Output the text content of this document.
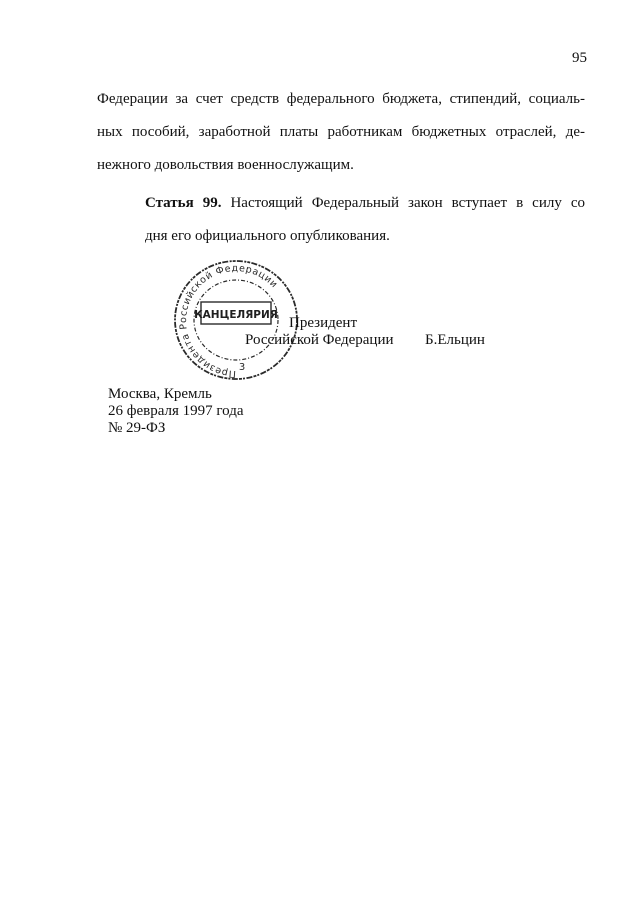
95

Федерации за счет средств федерального бюджета, стипендий, социаль-
ных пособий, заработной платы работникам бюджетных отраслей, де-
нежного довольствия военнослужащим.

Статья 99. Настоящий Федеральный закон вступает в силу со
дня его официального опубликования.

Президента Российской Федерации
КАНЦЕЛЯРИЯ
3
Президент
Российской Федерации Б.Ельцин
Москва, Кремль
26 февраля 1997 года
№ 29-ФЗ
